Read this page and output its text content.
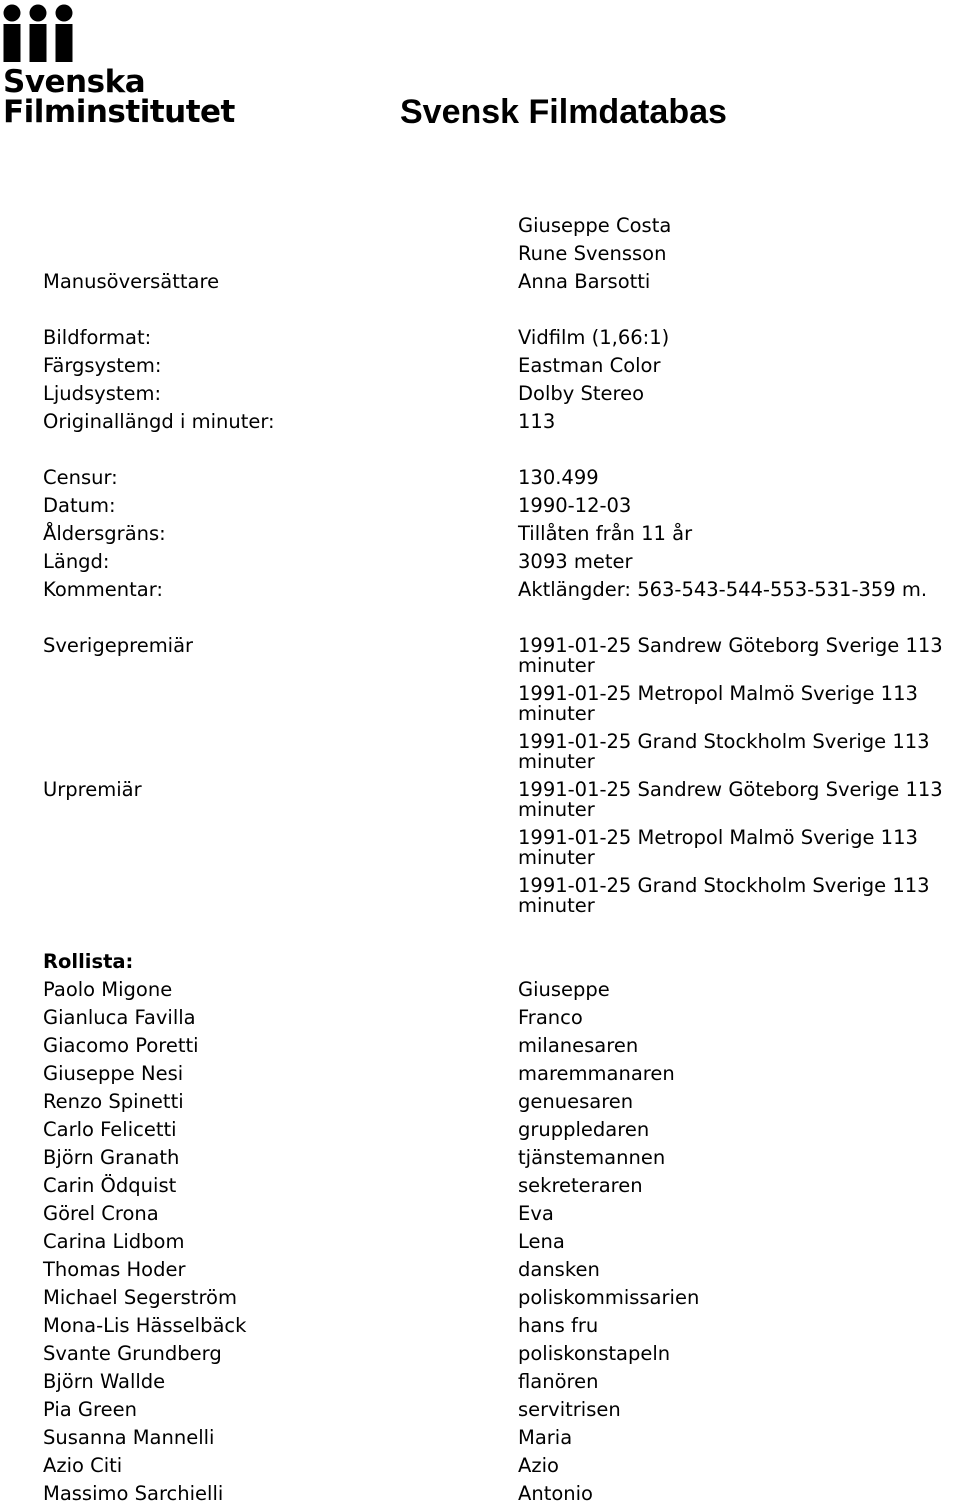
Svenska
Filminstitutet	Svensk Filmdatabas
Giuseppe Costa
Rune Svensson
Manusöversättare	Anna Barsotti
Bildformat:	Vidfilm (1,66:1)
Färgsystem:	Eastman Color
Ljudsystem:	Dolby Stereo
Originallängd i minuter:	113
Censur:	130.499
Datum:	1990-12-03
Åldersgräns:	Tillåten från 11 år
Längd:	3093 meter
Kommentar:	Aktlängder: 563-543-544-553-531-359 m.
Sverigepremiär	1991-01-25 Sandrew Göteborg Sverige 113 minuter
1991-01-25 Metropol Malmö Sverige 113 minuter
1991-01-25 Grand Stockholm Sverige 113 minuter
Urpremiär	1991-01-25 Sandrew Göteborg Sverige 113 minuter
1991-01-25 Metropol Malmö Sverige 113 minuter
1991-01-25 Grand Stockholm Sverige 113 minuter
Rollista:
Paolo Migone	Giuseppe
Gianluca Favilla	Franco
Giacomo Poretti	milanesaren
Giuseppe Nesi	maremmanaren
Renzo Spinetti	genuesaren
Carlo Felicetti	gruppledaren
Björn Granath	tjänstemannen
Carin Ödquist	sekreteraren
Görel Crona	Eva
Carina Lidbom	Lena
Thomas Hoder	dansken
Michael Segerström	poliskommissarien
Mona-Lis Hässelbäck	hans fru
Svante Grundberg	poliskonstapeln
Björn Wallde	flanören
Pia Green	servitrisen
Susanna Mannelli	Maria
Azio Citi	Azio
Massimo Sarchielli	Antonio
